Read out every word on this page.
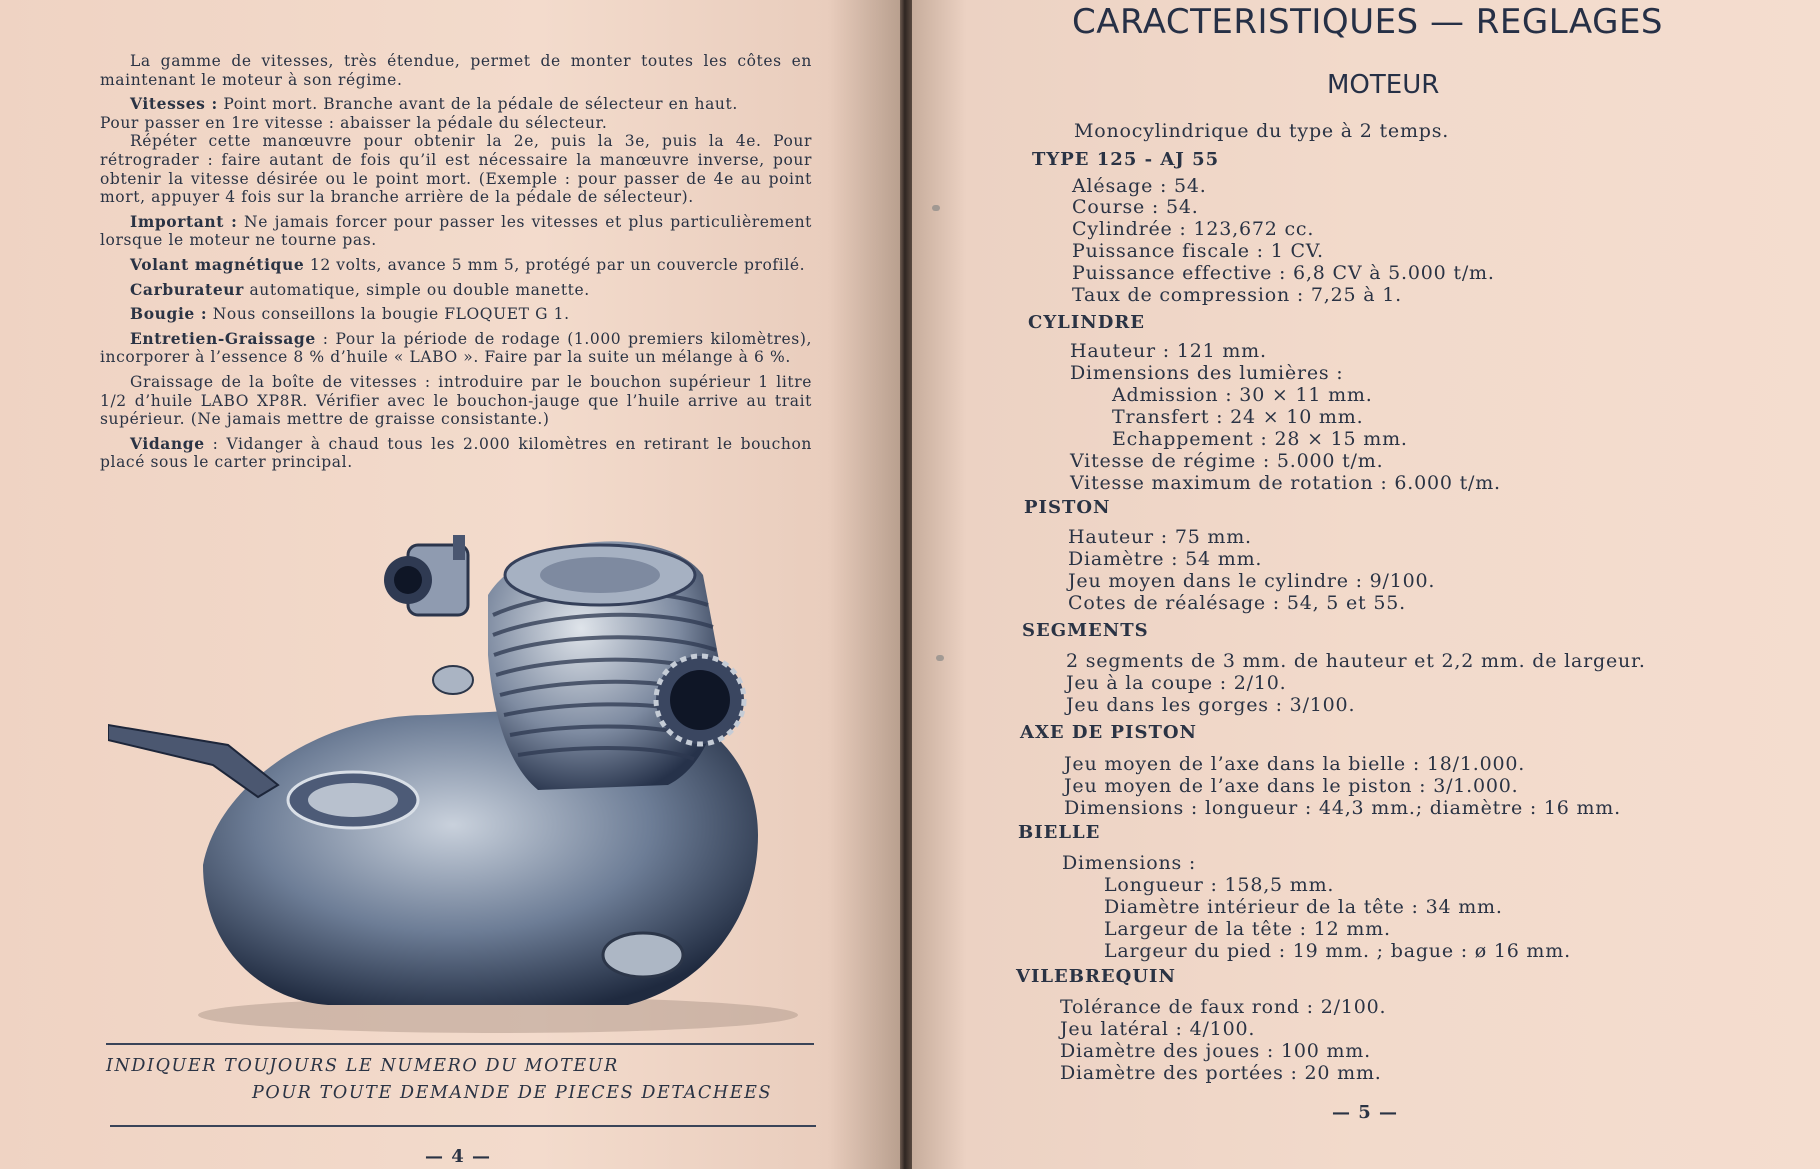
La gamme de vitesses, très étendue, permet de monter toutes les côtes en maintenant le moteur à son régime.

Vitesses : Point mort. Branche avant de la pédale de sélecteur en haut.
Pour passer en 1re vitesse : abaisser la pédale du sélecteur.
Répéter cette manœuvre pour obtenir la 2e, puis la 3e, puis la 4e. Pour rétrograder : faire autant de fois qu’il est nécessaire la manœuvre inverse, pour obtenir la vitesse désirée ou le point mort. (Exemple : pour passer de 4e au point mort, appuyer 4 fois sur la branche arrière de la pédale de sélecteur).

Important : Ne jamais forcer pour passer les vitesses et plus particulièrement lorsque le moteur ne tourne pas.

Volant magnétique 12 volts, avance 5 mm 5, protégé par un couvercle profilé.

Carburateur automatique, simple ou double manette.

Bougie : Nous conseillons la bougie FLOQUET G 1.

Entretien-Graissage : Pour la période de rodage (1.000 premiers kilomètres), incorporer à l’essence 8 % d’huile « LABO ». Faire par la suite un mélange à 6 %.

Graissage de la boîte de vitesses : introduire par le bouchon supérieur 1 litre 1/2 d’huile LABO XP8R. Vérifier avec le bouchon-jauge que l’huile arrive au trait supérieur. (Ne jamais mettre de graisse consistante.)

Vidange : Vidanger à chaud tous les 2.000 kilomètres en retirant le bouchon placé sous le carter principal.

INDIQUER TOUJOURS LE NUMERO DU MOTEUR
POUR TOUTE DEMANDE DE PIECES DETACHEES
— 4 —
CARACTERISTIQUES — REGLAGES
MOTEUR
Monocylindrique du type à 2 temps.
TYPE 125 - AJ 55
Alésage : 54.
Course : 54.
Cylindrée : 123,672 cc.
Puissance fiscale : 1 CV.
Puissance effective : 6,8 CV à 5.000 t/m.
Taux de compression : 7,25 à 1.
CYLINDRE
Hauteur : 121 mm.
Dimensions des lumières :
Admission : 30 × 11 mm.
Transfert : 24 × 10 mm.
Echappement : 28 × 15 mm.
Vitesse de régime : 5.000 t/m.
Vitesse maximum de rotation : 6.000 t/m.
PISTON
Hauteur : 75 mm.
Diamètre : 54 mm.
Jeu moyen dans le cylindre : 9/100.
Cotes de réalésage : 54, 5 et 55.
SEGMENTS
2 segments de 3 mm. de hauteur et 2,2 mm. de largeur.
Jeu à la coupe : 2/10.
Jeu dans les gorges : 3/100.
AXE DE PISTON
Jeu moyen de l’axe dans la bielle : 18/1.000.
Jeu moyen de l’axe dans le piston : 3/1.000.
Dimensions : longueur : 44,3 mm.; diamètre : 16 mm.
BIELLE
Dimensions :
Longueur : 158,5 mm.
Diamètre intérieur de la tête : 34 mm.
Largeur de la tête : 12 mm.
Largeur du pied : 19 mm. ; bague : ø 16 mm.
VILEBREQUIN
Tolérance de faux rond : 2/100.
Jeu latéral : 4/100.
Diamètre des joues : 100 mm.
Diamètre des portées : 20 mm.
— 5 —
